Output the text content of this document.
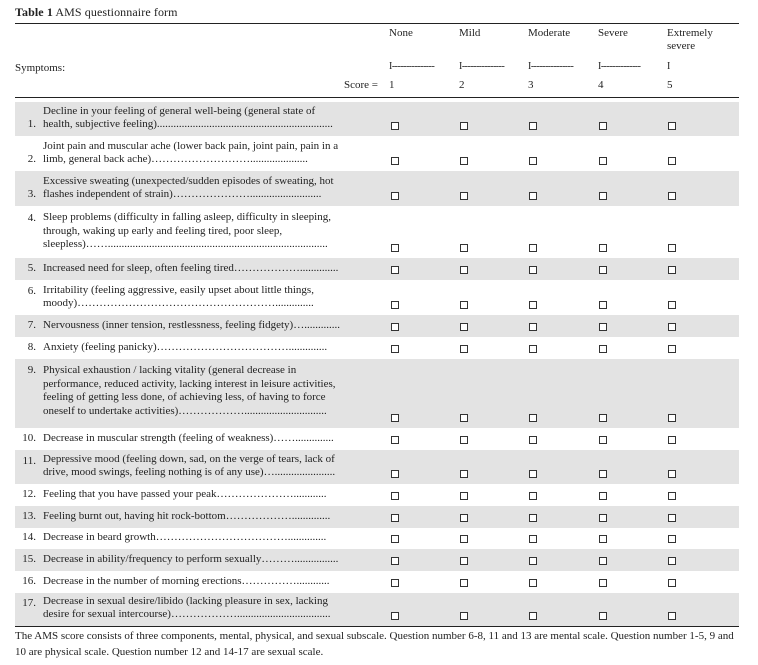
Table 1 AMS questionnaire form
None	Mild	Moderate	Severe	Extremely
severe
Symptoms:	I--------------- I--------------- I--------------- I--------------	I
Score = 1	2	3	4	5
1.
Decline in your feeling of general well-being (general state of
health, subjective feeling)................................................................
2.
Joint pain and muscular ache (lower back pain, joint pain, pain in a
limb, general back ache)……………………….....................
3.
Excessive sweating (unexpected/sudden episodes of sweating, hot
flashes independent of strain)…………………..........................
4. Sleep problems (difficulty in falling asleep, difficulty in sleeping,
through, waking up early and feeling tired, poor sleep,
sleepless)……................................................................................
5. Increased need for sleep, often feeling tired………………..............
6. Irritability (feeling aggressive, easily upset about little things,
moody)………………………………………………..............
7. Nervousness (inner tension, restlessness, feeling fidgety)….............
8. Anxiety (feeling panicky)………………………………..............
9. Physical exhaustion / lacking vitality (general decrease in
performance, reduced activity, lacking interest in leisure activities,
feeling of getting less done, of achieving less, of having to force
oneself to undertake activities)………………..............................
10. Decrease in muscular strength (feeling of weakness)……..............
11. Depressive mood (feeling down, sad, on the verge of tears, lack of
drive, mood swings, feeling nothing is of any use)…......................
12. Feeling that you have passed your peak…………………............
13. Feeling burnt out, having hit rock-bottom………………..............
14. Decrease in beard growth………………………………..............
15. Decrease in ability/frequency to perform sexually………................
16. Decrease in the number of morning erections……………............
17. Decrease in sexual desire/libido (lacking pleasure in sex, lacking
desire for sexual intercourse)………………..................................
The AMS score consists of three components, mental, physical, and sexual subscale. Question number 6-8, 11 and 13 are mental scale. Question number 1-5, 9 and 10 are physical scale. Question number 12 and 14-17 are sexual scale.
